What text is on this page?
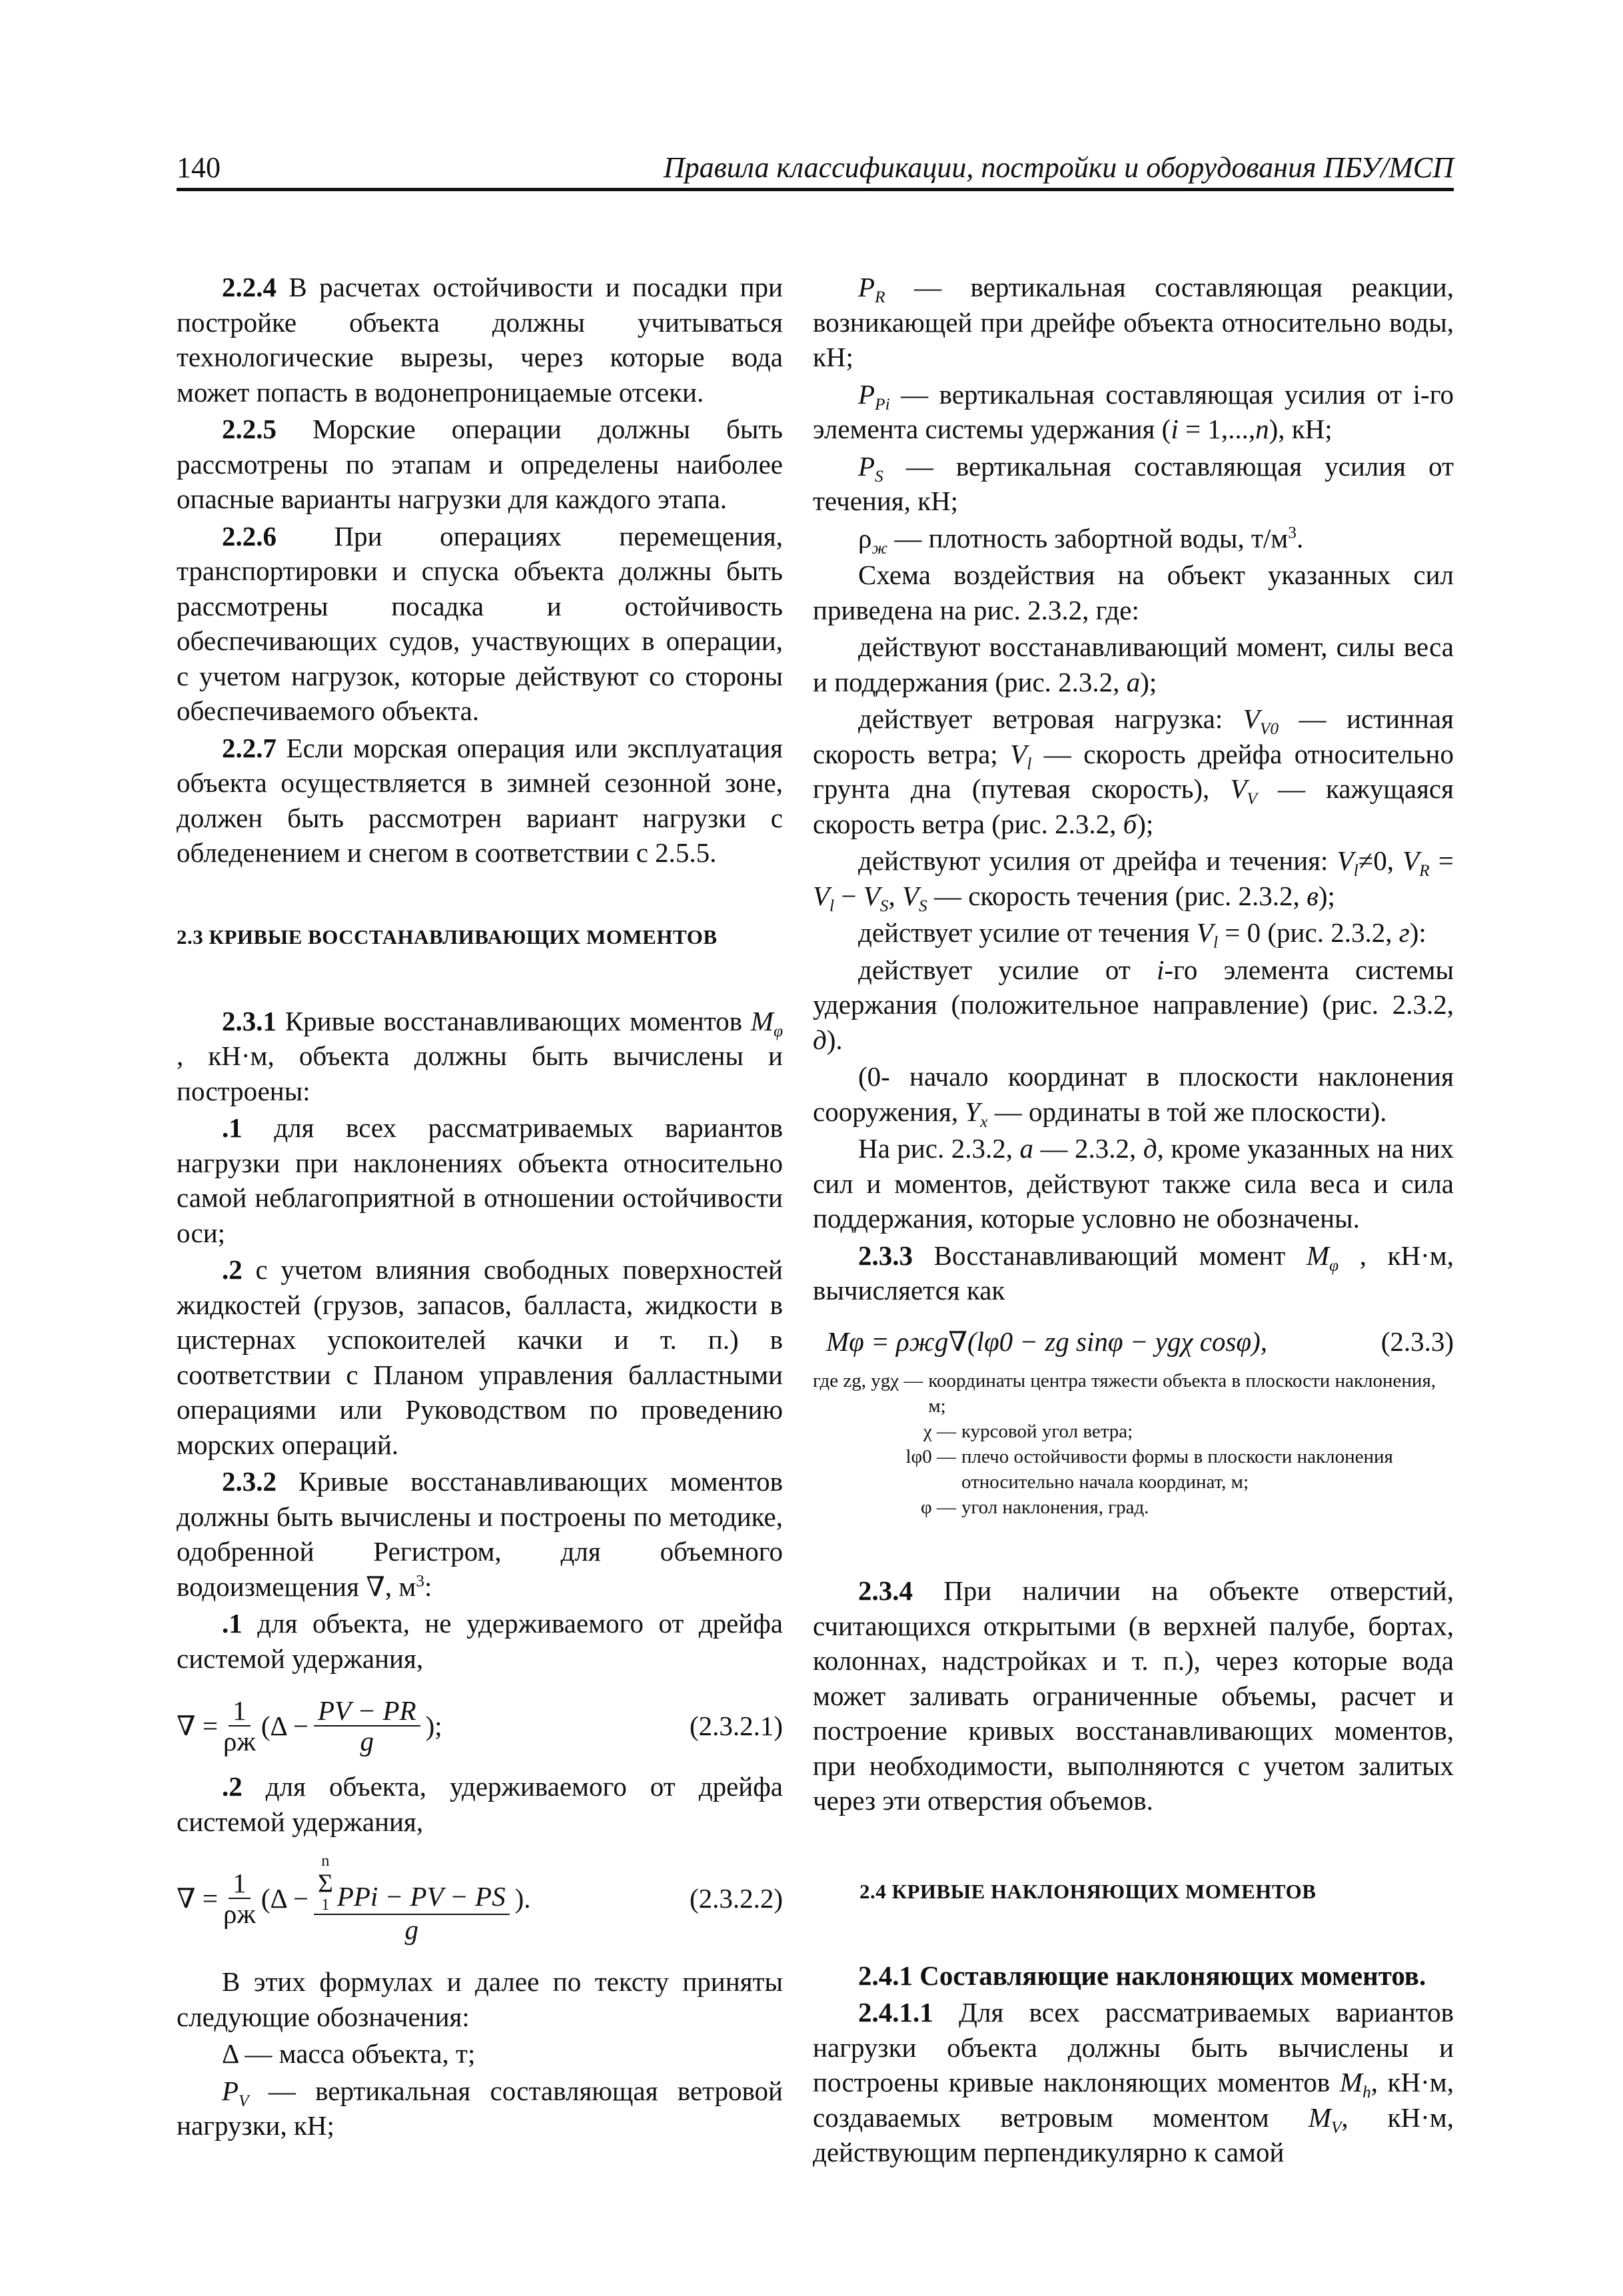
140	Правила классификации, постройки и оборудования ПБУ/МСП

2.2.4 В расчетах остойчивости и посадки при постройке объекта должны учитываться технологические вырезы, через которые вода может попасть в водонепроницаемые отсеки.

2.2.5 Морские операции должны быть рассмотрены по этапам и определены наиболее опасные варианты нагрузки для каждого этапа.

2.2.6 При операциях перемещения, транспортировки и спуска объекта должны быть рассмотрены посадка и остойчивость обеспечивающих судов, участвующих в операции, с учетом нагрузок, которые действуют со стороны обеспечиваемого объекта.

2.2.7 Если морская операция или эксплуатация объекта осуществляется в зимней сезонной зоне, должен быть рассмотрен вариант нагрузки с обледенением и снегом в соответствии с 2.5.5.

2.3 КРИВЫЕ ВОССТАНАВЛИВАЮЩИХ МОМЕНТОВ

2.3.1 Кривые восстанавливающих моментов $M_\varphi$ , кН·м, объекта должны быть вычислены и построены:

.1 для всех рассматриваемых вариантов нагрузки при наклонениях объекта относительно самой неблагоприятной в отношении остойчивости оси;

.2 с учетом влияния свободных поверхностей жидкостей (грузов, запасов, балласта, жидкости в цистернах успокоителей качки и т. п.) в соответствии с Планом управления балластными операциями или Руководством по проведению морских операций.

2.3.2 Кривые восстанавливающих моментов должны быть вычислены и построены по методике, одобренной Регистром, для объемного водоизмещения ∇, $м^3$:

.1 для объекта, не удерживаемого от дрейфа системой удержания,

∇ = $\frac{1}{\rho ж} (\Delta - \frac{PV - PR}{g}$ );	(2.3.2.1)

.2 для объекта, удерживаемого от дрейфа системой удержания,

∇ = $\frac{1}{\rho ж} (\Delta - n$
Σ
1 PPi − PV − PS
g ).	(2.3.2.2)

В этих формулах и далее по тексту приняты следующие обозначения:

Δ — масса объекта, т;

$P_V$ — вертикальная составляющая ветровой нагрузки, кН;

$P_R$ — вертикальная составляющая реакции, возникающей при дрейфе объекта относительно воды, кН;

$P_{Pi}$ — вертикальная составляющая усилия от i-го элемента системы удержания (i = 1,...,n), кН;

$P_S$ — вертикальная составляющая усилия от течения, кН;

$\rho_ж$ — плотность забортной воды, $т/м^3$.

Схема воздействия на объект указанных сил приведена на рис. 2.3.2, где:

действуют восстанавливающий момент, силы веса и поддержания (рис. 2.3.2, а);

действует ветровая нагрузка: $V_{V0}$ — истинная скорость ветра; $V_l$ — скорость дрейфа относительно грунта дна (путевая скорость), $V_V$ — кажущаяся скорость ветра (рис. 2.3.2, б);

действуют усилия от дрейфа и течения: $V_l\ne 0$, $V_R = V_l - V_S$, $V_S$ — скорость течения (рис. 2.3.2, в);

действует усилие от течения $V_l = 0$ (рис. 2.3.2, г):

действует усилие от i-го элемента системы удержания (положительное направление) (рис. 2.3.2, д).

(0- начало координат в плоскости наклонения сооружения, $Y_x$ — ординаты в той же плоскости).

На рис. 2.3.2, а — 2.3.2, д, кроме указанных на них сил и моментов, действуют также сила веса и сила поддержания, которые условно не обозначены.

2.3.3 Восстанавливающий момент $M_\varphi$ , кН·м, вычисляется как

Mφ = ρжg∇(lφ0 − zg sinφ − ygχ cosφ),	(2.3.3)
где zg, ygχ — координаты центра тяжести объекта в плоскости наклонения, м;
χ — курсовой угол ветра;
lφ0 — плечо остойчивости формы в плоскости наклонения относительно начала координат, м;
φ — угол наклонения, град.

2.3.4 При наличии на объекте отверстий, считающихся открытыми (в верхней палубе, бортах, колоннах, надстройках и т. п.), через которые вода может заливать ограниченные объемы, расчет и построение кривых восстанавливающих моментов, при необходимости, выполняются с учетом залитых через эти отверстия объемов.

2.4 КРИВЫЕ НАКЛОНЯЮЩИХ МОМЕНТОВ

2.4.1 Составляющие наклоняющих моментов.

2.4.1.1 Для всех рассматриваемых вариантов нагрузки объекта должны быть вычислены и построены кривые наклоняющих моментов $M_h$, кН·м, создаваемых ветровым моментом $M_V$, кН·м, действующим перпендикулярно к самой
